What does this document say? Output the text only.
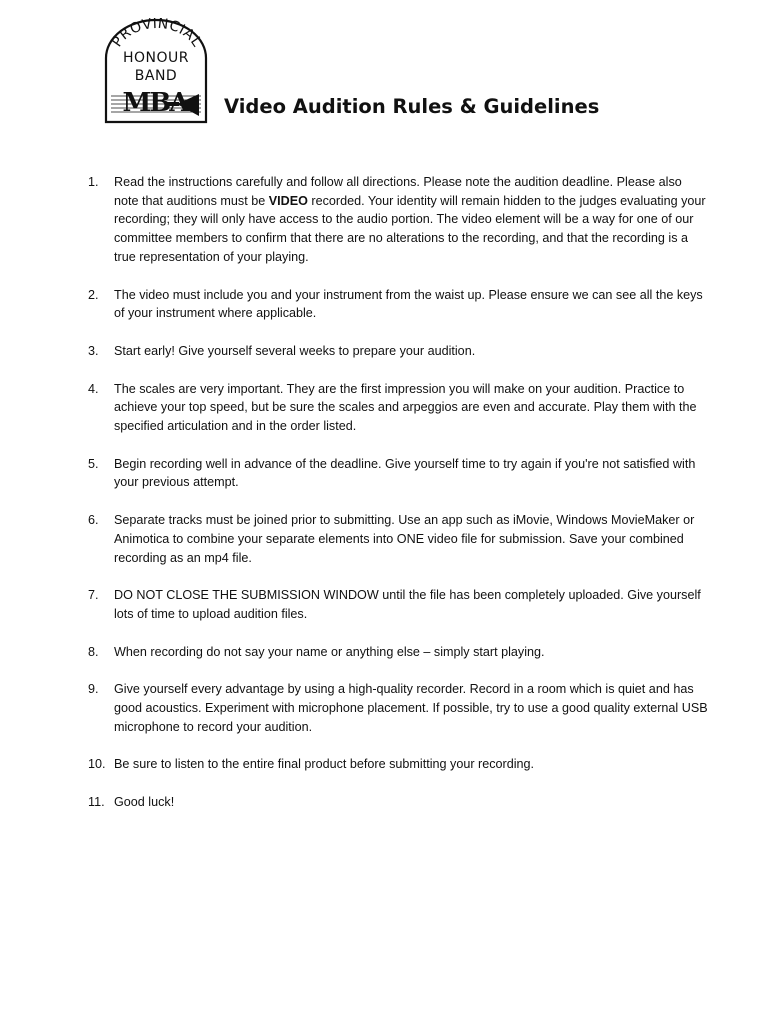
PROVINCIAL
HONOUR
BAND
MBA	Video Audition Rules & Guidelines
1. Read the instructions carefully and follow all directions. Please note the audition deadline. Please also note that auditions must be VIDEO recorded. Your identity will remain hidden to the judges evaluating your recording; they will only have access to the audio portion. The video element will be a way for one of our committee members to confirm that there are no alterations to the recording, and that the recording is a true representation of your playing.
2. The video must include you and your instrument from the waist up. Please ensure we can see all the keys of your instrument where applicable.
3. Start early! Give yourself several weeks to prepare your audition.
4. The scales are very important. They are the first impression you will make on your audition. Practice to achieve your top speed, but be sure the scales and arpeggios are even and accurate. Play them with the specified articulation and in the order listed.
5. Begin recording well in advance of the deadline. Give yourself time to try again if you're not satisfied with your previous attempt.
6. Separate tracks must be joined prior to submitting. Use an app such as iMovie, Windows MovieMaker or Animotica to combine your separate elements into ONE video file for submission. Save your combined recording as an mp4 file.
7. DO NOT CLOSE THE SUBMISSION WINDOW until the file has been completely uploaded. Give yourself lots of time to upload audition files.
8. When recording do not say your name or anything else – simply start playing.
9. Give yourself every advantage by using a high-quality recorder. Record in a room which is quiet and has good acoustics. Experiment with microphone placement. If possible, try to use a good quality external USB microphone to record your audition.
10. Be sure to listen to the entire final product before submitting your recording.
11. Good luck!
